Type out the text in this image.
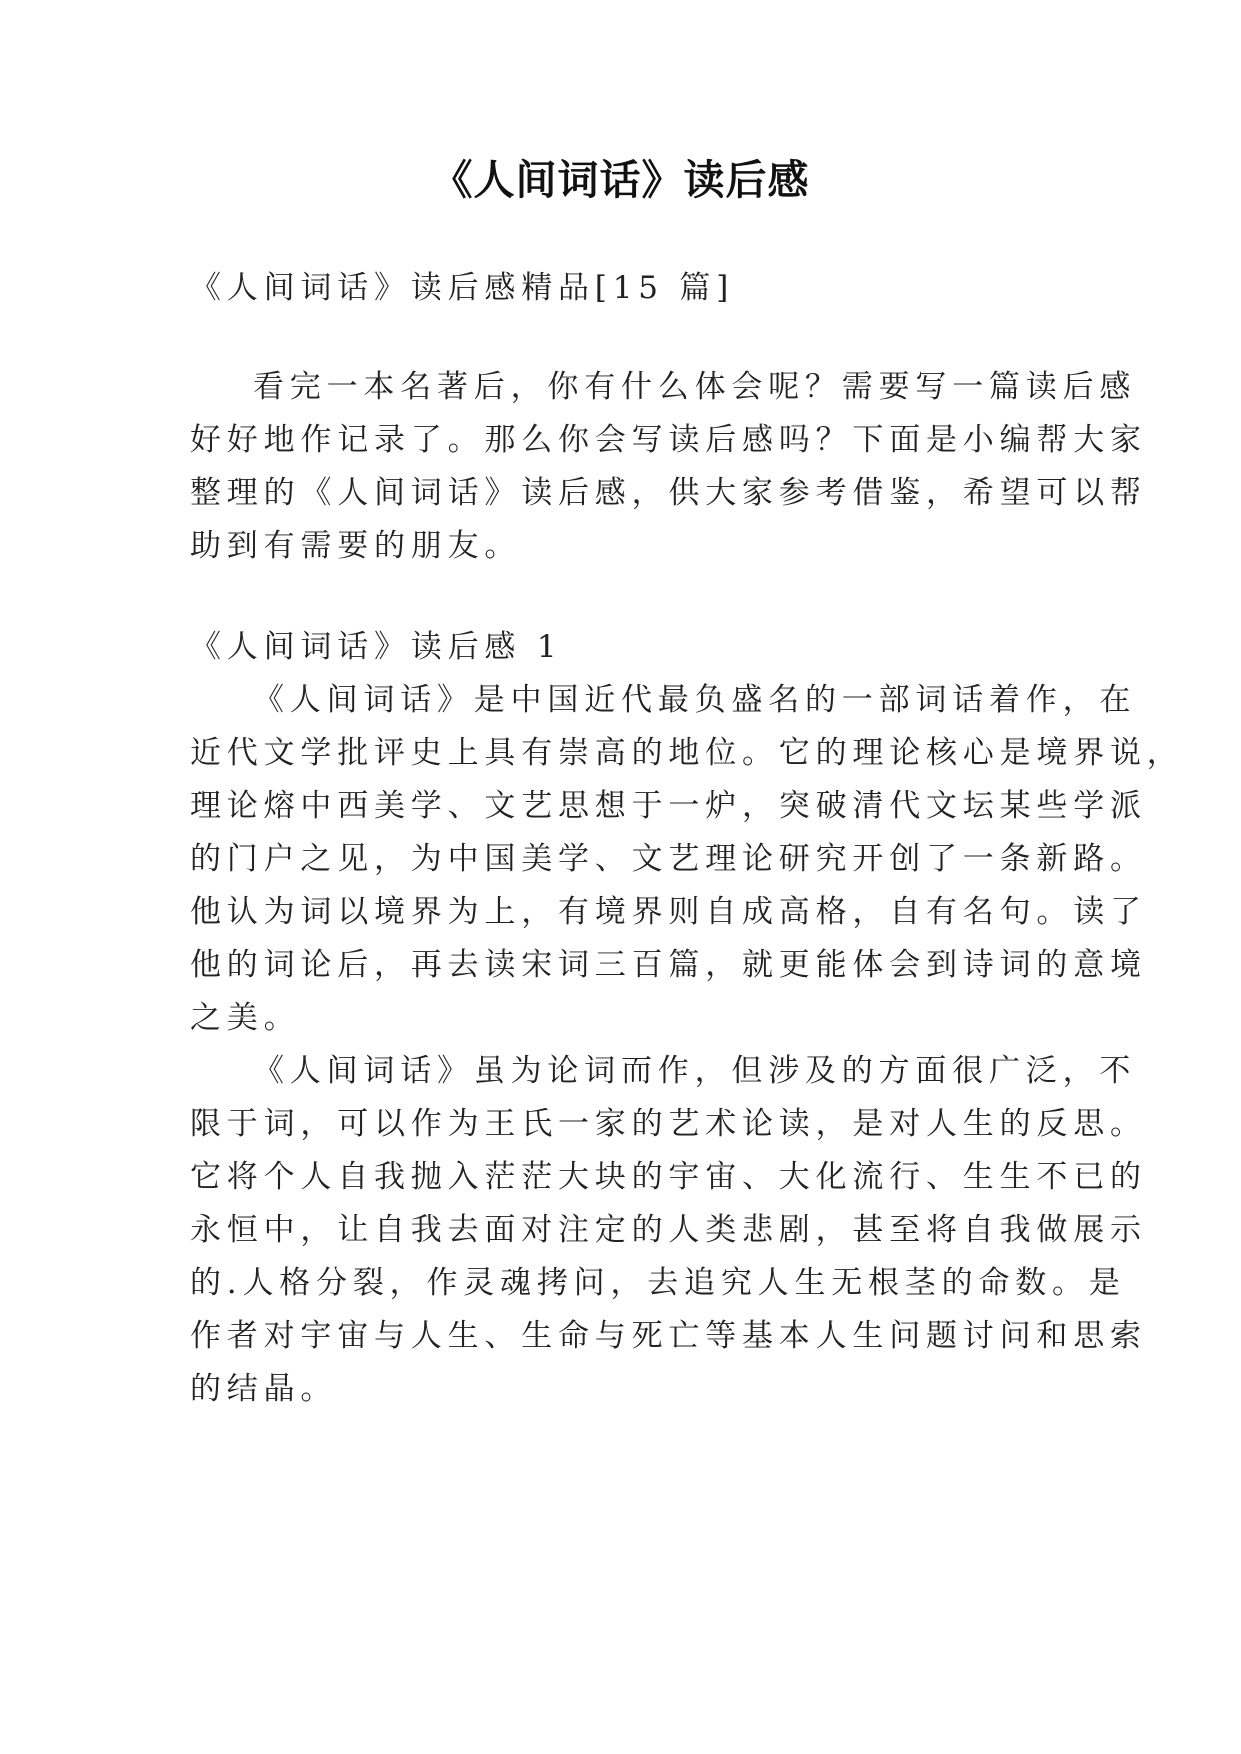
《人间词话》读后感
《人间词话》读后感精品[15 篇]
看完一本名著后，你有什么体会呢？需要写一篇读后感
好好地作记录了。那么你会写读后感吗？下面是小编帮大家
整理的《人间词话》读后感，供大家参考借鉴，希望可以帮
助到有需要的朋友。
《人间词话》读后感 1
《人间词话》是中国近代最负盛名的一部词话着作，在
近代文学批评史上具有崇高的地位。它的理论核心是境界说，
理论熔中西美学、文艺思想于一炉，突破清代文坛某些学派
的门户之见，为中国美学、文艺理论研究开创了一条新路。
他认为词以境界为上，有境界则自成高格，自有名句。读了
他的词论后，再去读宋词三百篇，就更能体会到诗词的意境
之美。
《人间词话》虽为论词而作，但涉及的方面很广泛，不
限于词，可以作为王氏一家的艺术论读，是对人生的反思。
它将个人自我抛入茫茫大块的宇宙、大化流行、生生不已的
永恒中，让自我去面对注定的人类悲剧，甚至将自我做展示
的.人格分裂，作灵魂拷问，去追究人生无根茎的命数。是
作者对宇宙与人生、生命与死亡等基本人生问题讨问和思索
的结晶。
